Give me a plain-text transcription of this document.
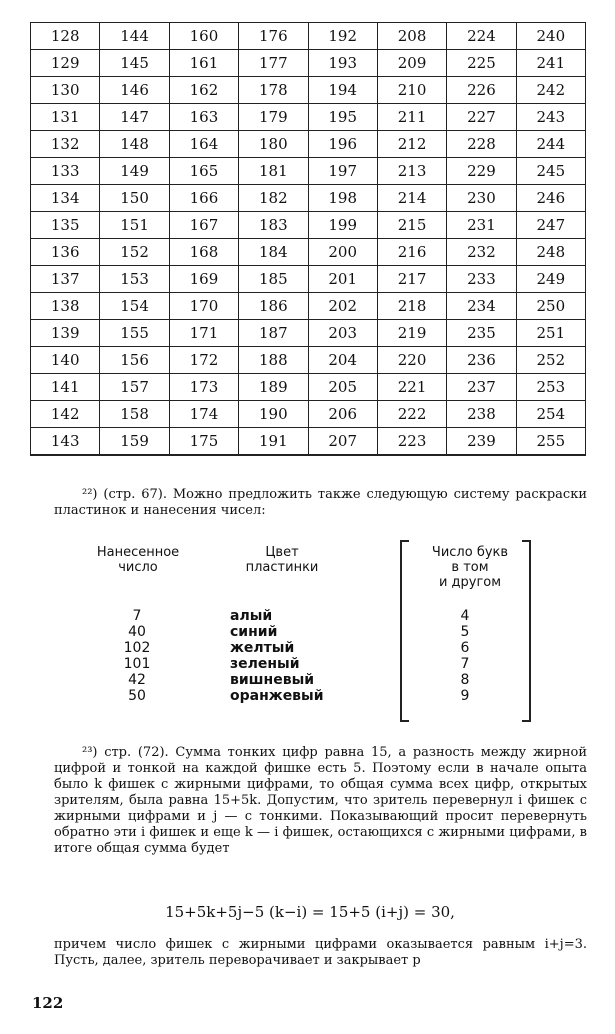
128	144	160	176	192	208	224	240
129	145	161	177	193	209	225	241
130	146	162	178	194	210	226	242
131	147	163	179	195	211	227	243
132	148	164	180	196	212	228	244
133	149	165	181	197	213	229	245
134	150	166	182	198	214	230	246
135	151	167	183	199	215	231	247
136	152	168	184	200	216	232	248
137	153	169	185	201	217	233	249
138	154	170	186	202	218	234	250
139	155	171	187	203	219	235	251
140	156	172	188	204	220	236	252
141	157	173	189	205	221	237	253
142	158	174	190	206	222	238	254
143	159	175	191	207	223	239	255
²²) (стр. 67). Можно предложить также следующую систему раскраски пластинок и нанесения чисел:
Нанесенное
число
Цвет
пластинки
Число букв
в том
и другом
7	алый	4
40	синий	5
102	желтый	6
101	зеленый	7
42	вишневый	8
50	оранжевый	9
²³) стр. (72). Сумма тонких цифр равна 15, а разность между жирной цифрой и тонкой на каждой фишке есть 5. Поэтому если в начале опыта было k фишек с жирными цифрами, то общая сумма всех цифр, открытых зрителям, была равна 15+5k. Допустим, что зритель перевернул i фишек с жирными цифрами и j — с тонкими. Показывающий просит перевернуть обратно эти i фишек и еще k — i фишек, остающихся с жирными цифрами, в итоге общая сумма будет
15+5k+5j−5 (k−i) = 15+5 (i+j) = 30,
причем число фишек с жирными цифрами оказывается равным i+j=3. Пусть, далее, зритель переворачивает и закрывает p
122
